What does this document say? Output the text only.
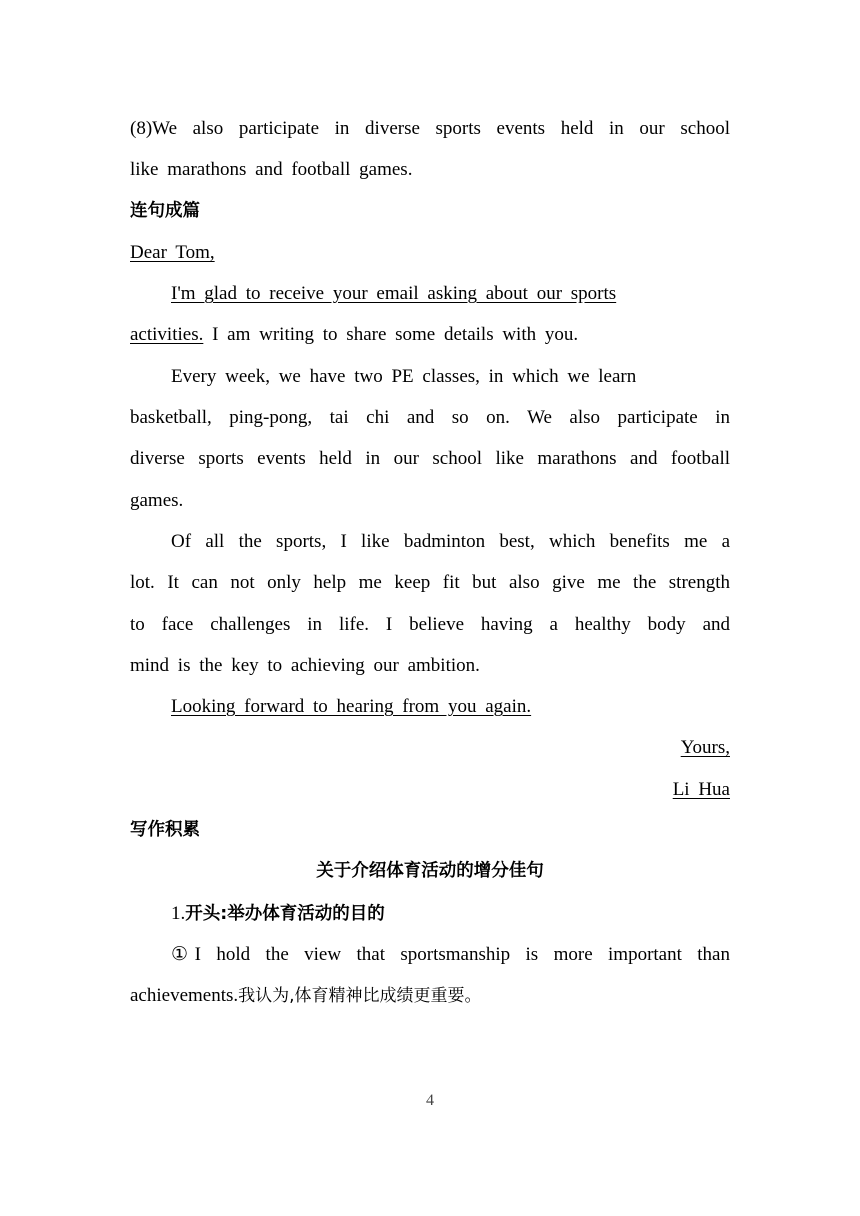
(8)We also participate in diverse sports events held in our school
like marathons and football games.
连句成篇
Dear Tom,
I'm glad to receive your email asking about our sports
activities. I am writing to share some details with you.
Every week, we have two PE classes, in which we learn
basketball, ping-pong, tai chi and so on. We also participate in
diverse sports events held in our school like marathons and football
games.
Of all the sports, I like badminton best, which benefits me a
lot. It can not only help me keep fit but also give me the strength
to face challenges in life. I believe having a healthy body and
mind is the key to achieving our ambition.
Looking forward to hearing from you again.
Yours,
Li Hua
写作积累
关于介绍体育活动的增分佳句
1.开头:举办体育活动的目的
①I hold the view that sportsmanship is more important than
achievements.我认为,体育精神比成绩更重要。
4
